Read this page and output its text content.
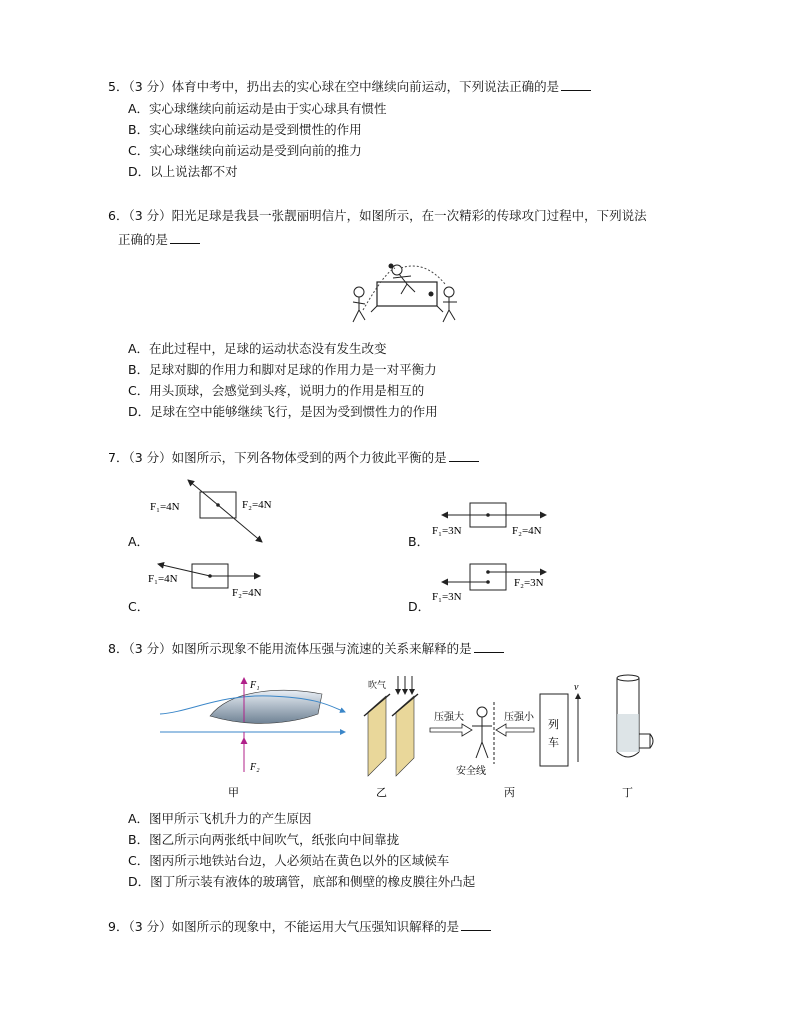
5．（3 分）体育中考中，扔出去的实心球在空中继续向前运动，下列说法正确的是
A．实心球继续向前运动是由于实心球具有惯性
B．实心球继续向前运动是受到惯性的作用
C．实心球继续向前运动是受到向前的推力
D．以上说法都不对
6．（3 分）阳光足球是我县一张靓丽明信片，如图所示，在一次精彩的传球攻门过程中，下列说法
正确的是
A．在此过程中，足球的运动状态没有发生改变
B．足球对脚的作用力和脚对足球的作用力是一对平衡力
C．用头顶球，会感觉到头疼，说明力的作用是相互的
D．足球在空中能够继续飞行，是因为受到惯性力的作用
7．（3 分）如图所示，下列各物体受到的两个力彼此平衡的是
A．
F₁=4N	F₂=4N
B．
F₁=3N	F₂=4N
C．
F₁=4N
F₂=4N
D．
F₁=3N
F₂=3N
8．（3 分）如图所示现象不能用流体压强与流速的关系来解释的是
F₁
F₂
甲
吹气
乙
压强大	压强小
安全线
列
车
v
丙	丁
A．图甲所示飞机升力的产生原因
B．图乙所示向两张纸中间吹气，纸张向中间靠拢
C．图丙所示地铁站台边，人必须站在黄色以外的区域候车
D．图丁所示装有液体的玻璃管，底部和侧壁的橡皮膜往外凸起
9．（3 分）如图所示的现象中，不能运用大气压强知识解释的是
